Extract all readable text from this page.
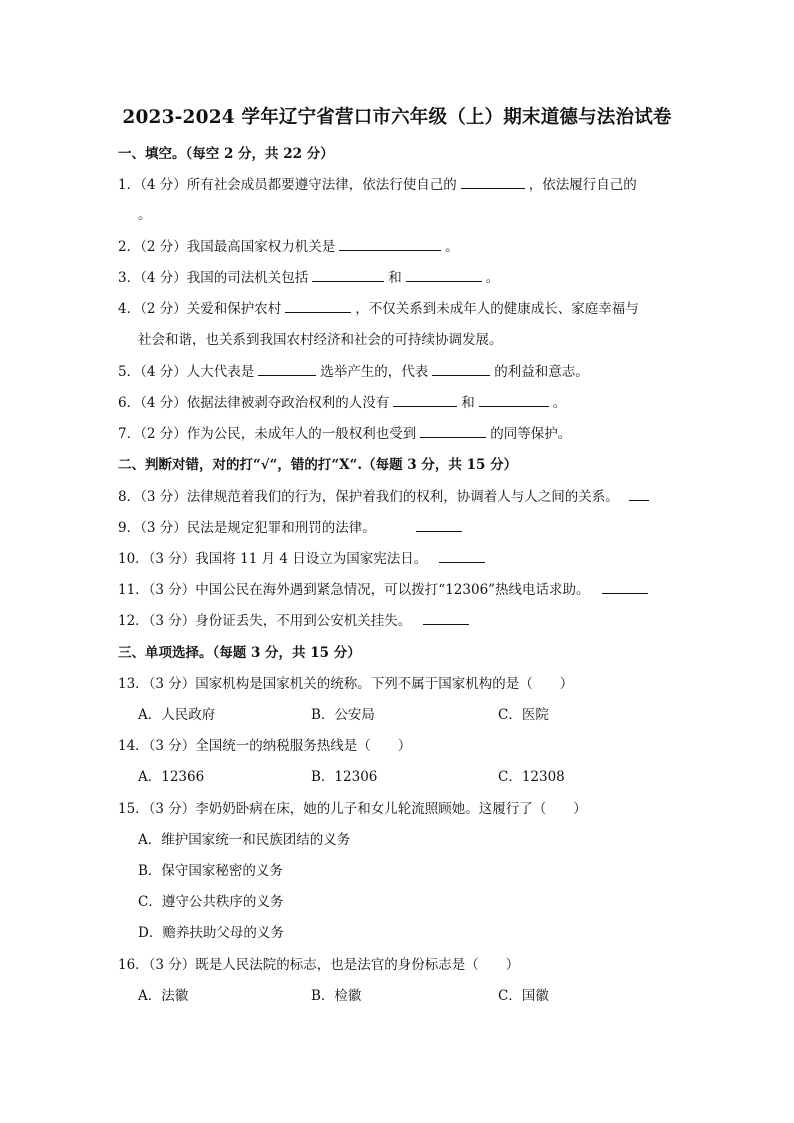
2023-2024 学年辽宁省营口市六年级（上）期末道德与法治试卷
一、填空。（每空 2 分，共 22 分）
1．（4 分）所有社会成员都要遵守法律，依法行使自己的	，依法履行自己的
。
2．（2 分）我国最高国家权力机关是	。
3．（4 分）我国的司法机关包括	和	。
4．（2 分）关爱和保护农村	，不仅关系到未成年人的健康成长、家庭幸福与
社会和谐，也关系到我国农村经济和社会的可持续协调发展。
5．（4 分）人大代表是	选举产生的，代表	的利益和意志。
6．（4 分）依据法律被剥夺政治权利的人没有	和	。
7．（2 分）作为公民，未成年人的一般权利也受到	的同等保护。
二、判断对错，对的打“√“，错的打“X“.（每题 3 分，共 15 分）
8．（3 分）法律规范着我们的行为，保护着我们的权利，协调着人与人之间的关系。
9．（3 分）民法是规定犯罪和刑罚的法律。
10．（3 分）我国将 11 月 4 日设立为国家宪法日。
11．（3 分）中国公民在海外遇到紧急情况，可以拨打“12306”热线电话求助。
12．（3 分）身份证丢失，不用到公安机关挂失。
三、单项选择。（每题 3 分，共 15 分）
13．（3 分）国家机构是国家机关的统称。下列不属于国家机构的是（　　）
A．人民政府	B．公安局	C．医院
14．（3 分）全国统一的纳税服务热线是（　　）
A．12366	B．12306	C．12308
15．（3 分）李奶奶卧病在床，她的儿子和女儿轮流照顾她。这履行了（　　）
A．维护国家统一和民族团结的义务
B．保守国家秘密的义务
C．遵守公共秩序的义务
D．赡养扶助父母的义务
16．（3 分）既是人民法院的标志，也是法官的身份标志是（　　）
A．法徽	B．检徽	C．国徽
